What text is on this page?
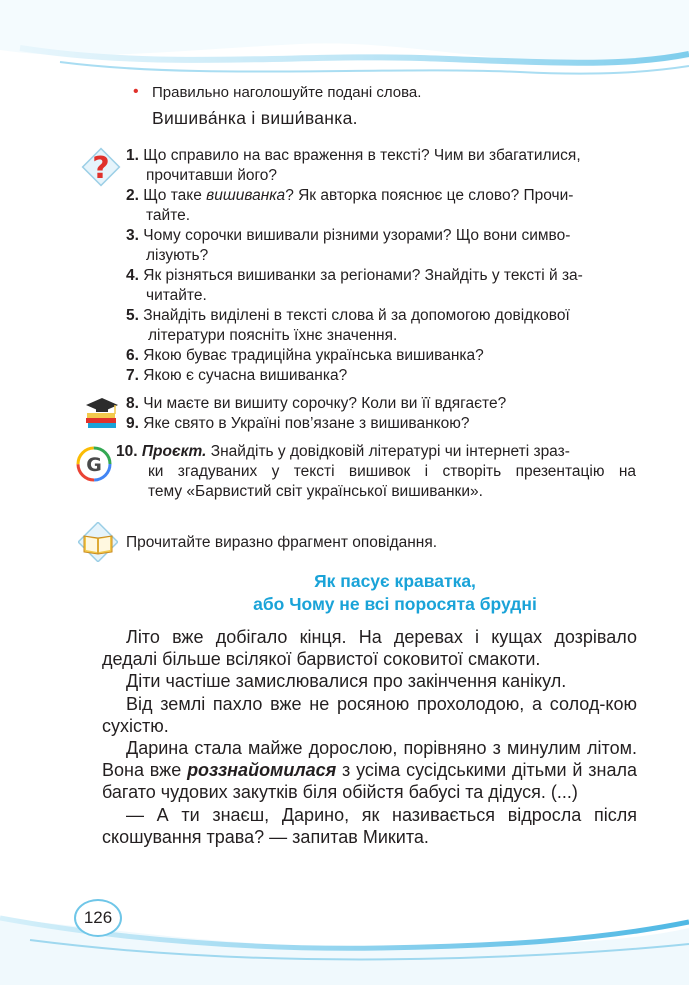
• Правильно наголошуйте подані слова.
Вишива́нка і виши́ванка.
? 1. Що справило на вас враження в тексті? Чим ви збагатилися,
прочитавши його?
2. Що таке вишиванка? Як авторка пояснює це слово? Прочи-
тайте.
3. Чому сорочки вишивали різними узорами? Що вони симво-
лізують?
4. Як різняться вишиванки за регіонами? Знайдіть у тексті й за-
читайте.
5. Знайдіть виділені в тексті слова й за допомогою довідкової
літератури поясніть їхнє значення.
6. Якою буває традиційна українська вишиванка?
7. Якою є сучасна вишиванка?
8. Чи маєте ви вишиту сорочку? Коли ви її вдягаєте?
9. Яке свято в Україні пов’язане з вишиванкою?
G
10. Проєкт. Знайдіть у довідковій літературі чи інтернеті зраз-
ки згадуваних у тексті вишивок і створіть презентацію на
тему «Барвистий світ української вишиванки».
Прочитайте виразно фрагмент оповідання.
Як пасує краватка,
або Чому не всі поросята брудні

Літо вже добігало кінця. На деревах і кущах дозрівало дедалі більше всілякої барвистої соковитої смакоти.

Діти частіше замислювалися про закінчення канікул.

Від землі пахло вже не росяною прохолодою, а солод-кою сухістю.

Дарина стала майже дорослою, порівняно з минулим літом. Вона вже роззнайомилася з усіма сусідськими дітьми й знала багато чудових закутків біля обійстя бабусі та дідуся. (...)

— А ти знаєш, Дарино, як називається відросла після скошування трава? — запитав Микита.

126
